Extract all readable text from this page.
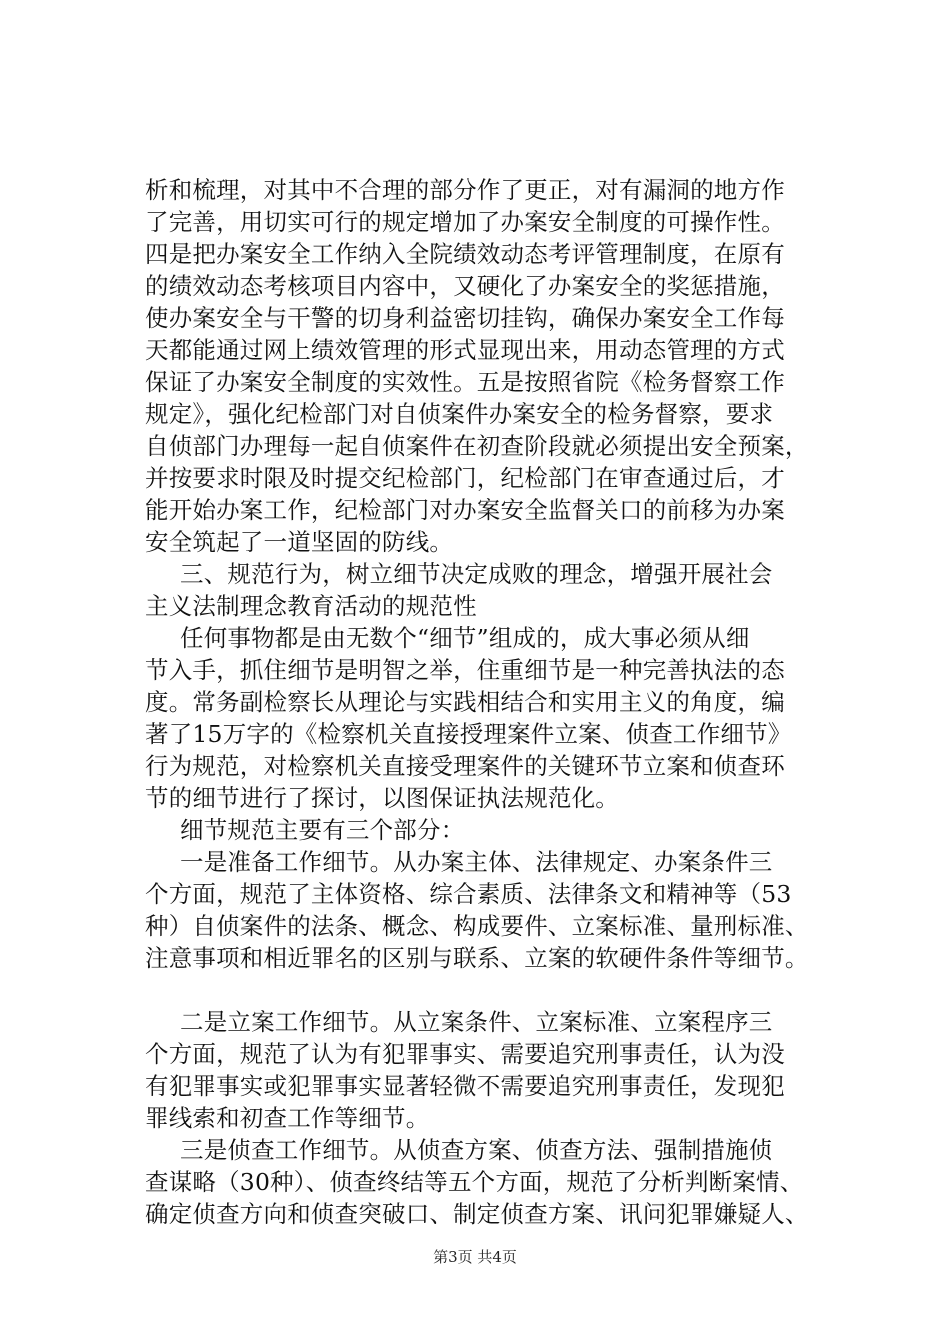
析和梳理，对其中不合理的部分作了更正，对有漏洞的地方作
了完善，用切实可行的规定增加了办案安全制度的可操作性。
四是把办案安全工作纳入全院绩效动态考评管理制度，在原有
的绩效动态考核项目内容中，又硬化了办案安全的奖惩措施，
使办案安全与干警的切身利益密切挂钩，确保办案安全工作每
天都能通过网上绩效管理的形式显现出来，用动态管理的方式
保证了办案安全制度的实效性。五是按照省院《检务督察工作
规定》，强化纪检部门对自侦案件办案安全的检务督察，要求
自侦部门办理每一起自侦案件在初查阶段就必须提出安全预案，
并按要求时限及时提交纪检部门，纪检部门在审查通过后，才
能开始办案工作，纪检部门对办案安全监督关口的前移为办案
安全筑起了一道坚固的防线。
三、规范行为，树立细节决定成败的理念，增强开展社会
主义法制理念教育活动的规范性
任何事物都是由无数个“细节”组成的，成大事必须从细
节入手，抓住细节是明智之举，住重细节是一种完善执法的态
度。常务副检察长从理论与实践相结合和实用主义的角度，编
著了15万字的《检察机关直接授理案件立案、侦查工作细节》
行为规范，对检察机关直接受理案件的关键环节立案和侦查环
节的细节进行了探讨，以图保证执法规范化。
细节规范主要有三个部分：
一是准备工作细节。从办案主体、法律规定、办案条件三
个方面，规范了主体资格、综合素质、法律条文和精神等（53
种）自侦案件的法条、概念、构成要件、立案标准、量刑标准、
注意事项和相近罪名的区别与联系、立案的软硬件条件等细节。
二是立案工作细节。从立案条件、立案标准、立案程序三
个方面，规范了认为有犯罪事实、需要追究刑事责任，认为没
有犯罪事实或犯罪事实显著轻微不需要追究刑事责任，发现犯
罪线索和初查工作等细节。
三是侦查工作细节。从侦查方案、侦查方法、强制措施侦
查谋略（30种）、侦查终结等五个方面，规范了分析判断案情、
确定侦查方向和侦查突破口、制定侦查方案、讯问犯罪嫌疑人、
第3页 共4页
